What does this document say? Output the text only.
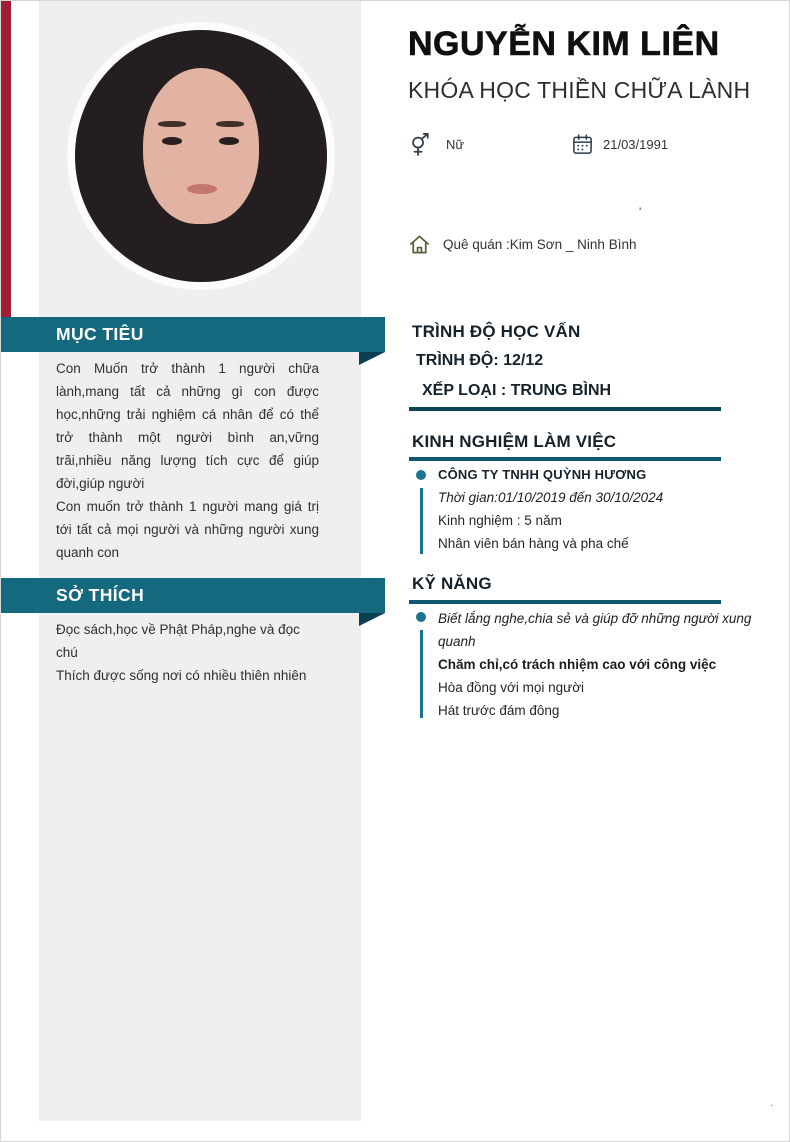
NGUYỄN KIM LIÊN
KHÓA HỌC THIỀN CHỮA LÀNH
Nữ	21/03/1991
'
Quê quán :Kim Sơn _ Ninh Bình
TRÌNH ĐỘ HỌC VẤN
TRÌNH ĐỘ: 12/12
XẾP LOẠI : TRUNG BÌNH
KINH NGHIỆM LÀM VIỆC
CÔNG TY TNHH QUỲNH HƯƠNG
Thời gian:01/10/2019 đến 30/10/2024
Kinh nghiệm : 5 năm
Nhân viên bán hàng và pha chế
KỸ NĂNG
Biết lắng nghe,chia sẻ và giúp đỡ những người xung quanh
Chăm chỉ,có trách nhiệm cao với công việc
Hòa đồng với mọi người
Hát trước đám đông
MỤC TIÊU

Con Muốn trở thành 1 người chữa lành,mang tất cả những gì con được học,những trải nghiệm cá nhân để có thể trở thành một người bình an,vững trãi,nhiều năng lượng tích cực để giúp đời,giúp người

Con muốn trở thành 1 người mang giá trị tới tất cả mọi người và những người xung quanh con

SỞ THÍCH

Đọc sách,học về Phật Pháp,nghe và đọc chú

Thích được sống nơi có nhiều thiên nhiên

.
